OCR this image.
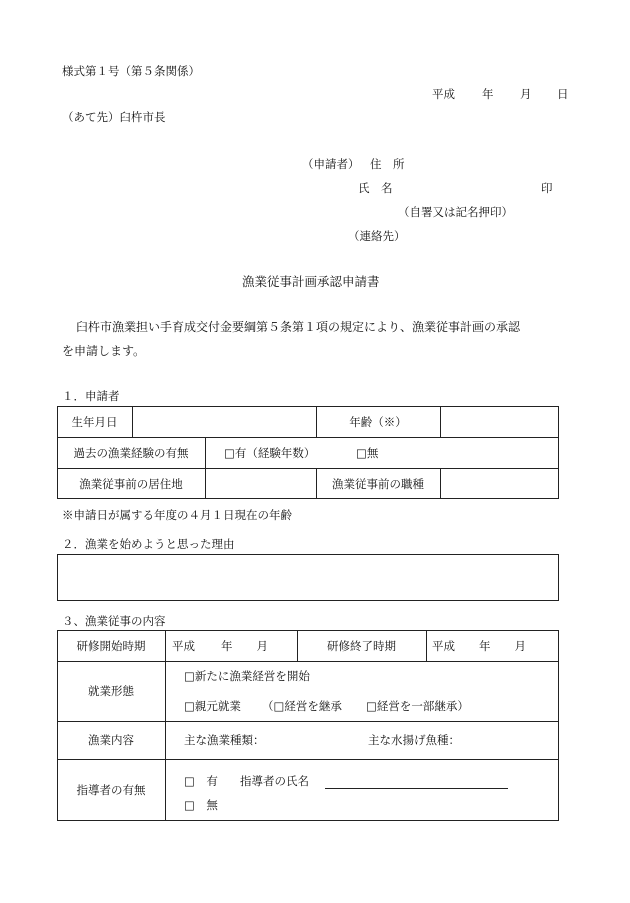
様式第１号（第５条関係）
平成 年 月 日
（あて先）臼杵市長
（申請者） 住　所
氏　名	印
（自署又は記名押印）
（連絡先）
漁業従事計画承認申請書
臼杵市漁業担い手育成交付金要綱第５条第１項の規定により、漁業従事計画の承認
を申請します。
１．申請者
生年月日	年齢（※）
過去の漁業経験の有無	□有（経験年数）	□無
漁業従事前の居住地	漁業従事前の職種
※申請日が属する年度の４月１日現在の年齢
２．漁業を始めようと思った理由
３、漁業従事の内容
研修開始時期	平成 年 月	研修終了時期	平成 年 月
就業形態
□新たに漁業経営を開始
□親元就業 （□経営を継承 □経営を一部継承）
漁業内容	主な漁業種類：	主な水揚げ魚種：
指導者の有無
□　有 指導者の氏名
□　無
